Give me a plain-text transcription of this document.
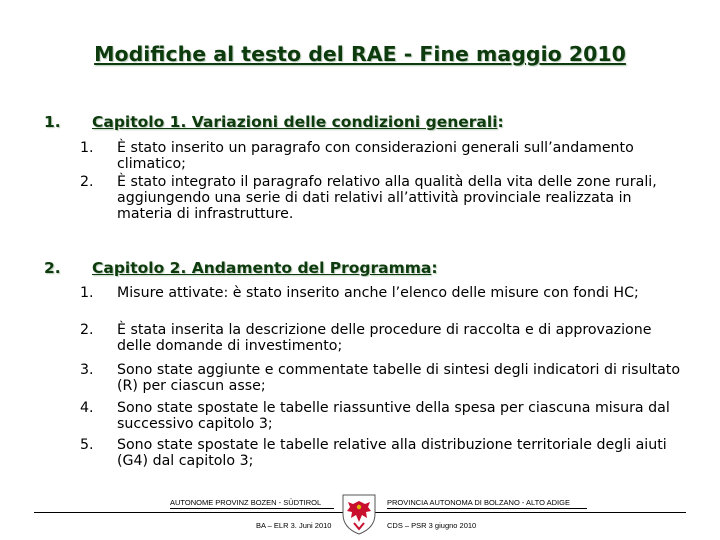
Modifiche al testo del RAE - Fine maggio 2010
1. Capitolo 1. Variazioni delle condizioni generali:
1. È stato inserito un paragrafo con considerazioni generali sull’andamento climatico;
2. È stato integrato il paragrafo relativo alla qualità della vita delle zone rurali, aggiungendo una serie di dati relativi all’attività provinciale realizzata in materia di infrastrutture.
2. Capitolo 2. Andamento del Programma:
1. Misure attivate: è stato inserito anche l’elenco delle misure con fondi HC;
2. È stata inserita la descrizione delle procedure di raccolta e di approvazione delle domande di investimento;
3. Sono state aggiunte e commentate tabelle di sintesi degli indicatori di risultato (R) per ciascun asse;
4. Sono state spostate le tabelle riassuntive della spesa per ciascuna misura dal successivo capitolo 3;
5. Sono state spostate le tabelle relative alla distribuzione territoriale degli aiuti (G4) dal capitolo 3;
AUTONOME PROVINZ BOZEN - SÜDTIROL
BA – ELR 3. Juni 2010
PROVINCIA AUTONOMA DI BOLZANO - ALTO ADIGE
CDS – PSR 3 giugno 2010
